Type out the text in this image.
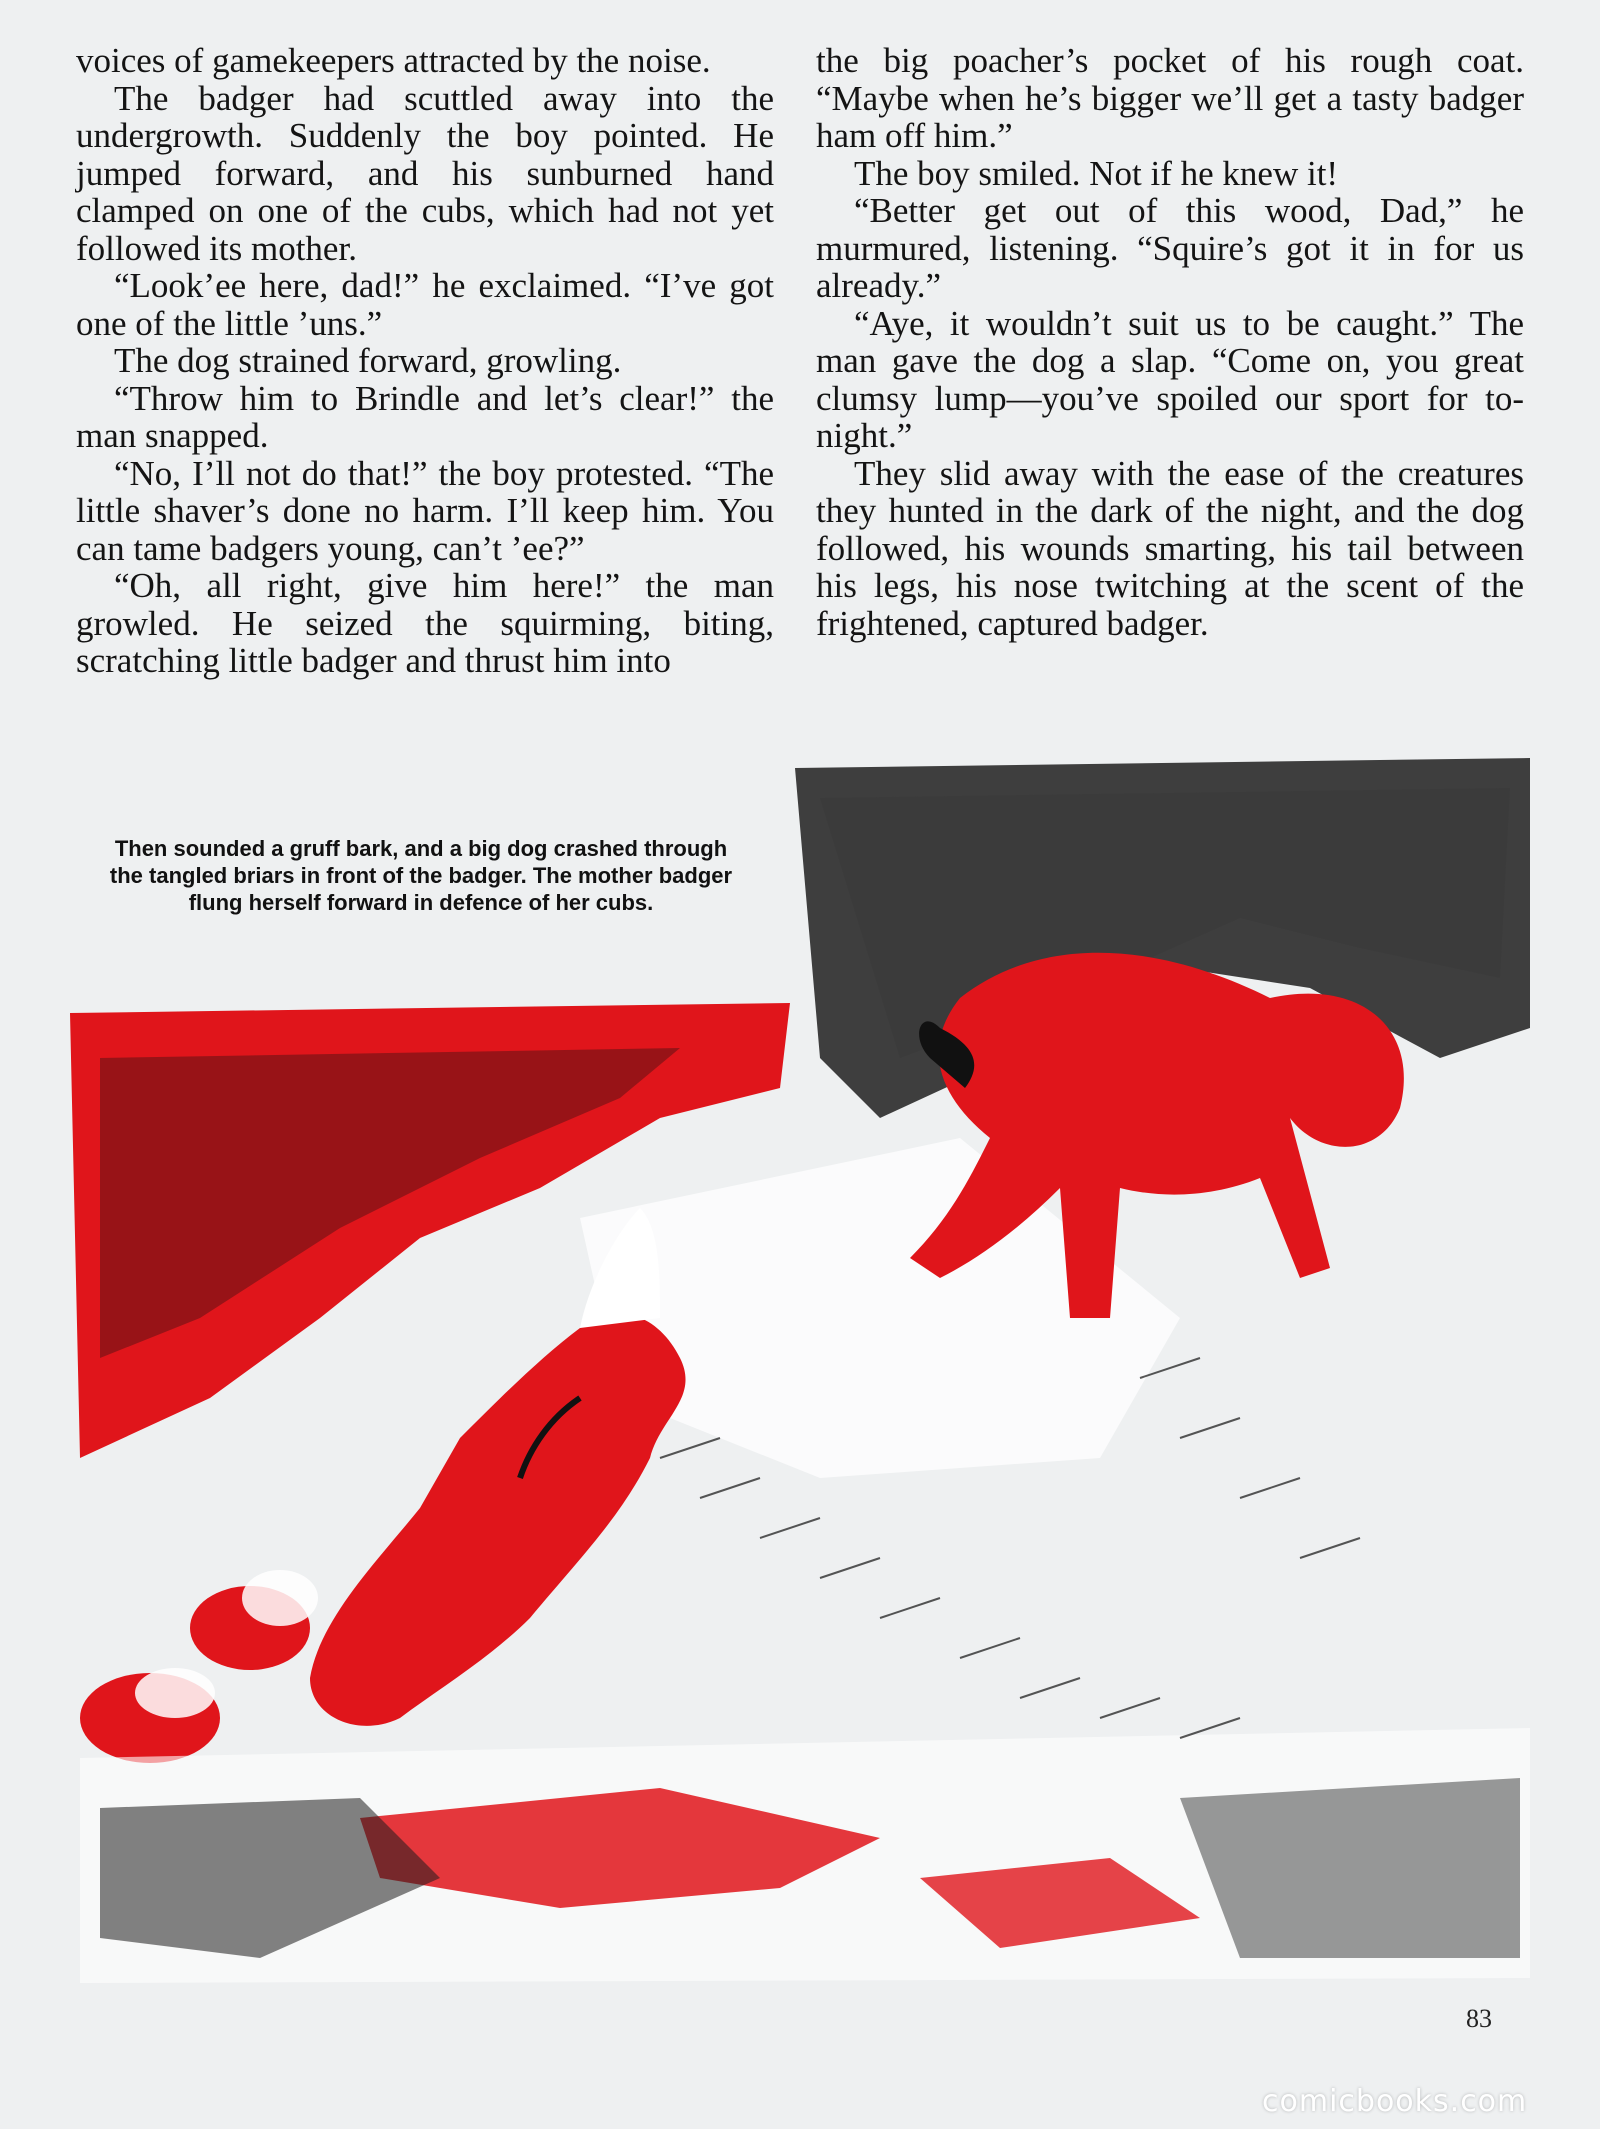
voices of gamekeepers attracted by the noise.

The badger had scuttled away into the undergrowth. Suddenly the boy pointed. He jumped forward, and his sunburned hand clamped on one of the cubs, which had not yet followed its mother.

“Look’ee here, dad!” he exclaimed. “I’ve got one of the little ’uns.”

The dog strained forward, growling.

“Throw him to Brindle and let’s clear!” the man snapped.

“No, I’ll not do that!” the boy protested. “The little shaver’s done no harm. I’ll keep him. You can tame badgers young, can’t ’ee?”

“Oh, all right, give him here!” the man growled. He seized the squirming, biting, scratching little badger and thrust him into

the big poacher’s pocket of his rough coat. “Maybe when he’s bigger we’ll get a tasty badger ham off him.”

The boy smiled. Not if he knew it!

“Better get out of this wood, Dad,” he murmured, listening. “Squire’s got it in for us already.”

“Aye, it wouldn’t suit us to be caught.” The man gave the dog a slap. “Come on, you great clumsy lump—you’ve spoiled our sport for to-night.”

They slid away with the ease of the creatures they hunted in the dark of the night, and the dog followed, his wounds smarting, his tail between his legs, his nose twitching at the scent of the frightened, captured badger.

Then sounded a gruff bark, and a big dog crashed through the tangled briars in front of the badger. The mother badger flung herself forward in defence of her cubs.
83
comicbooks.com
